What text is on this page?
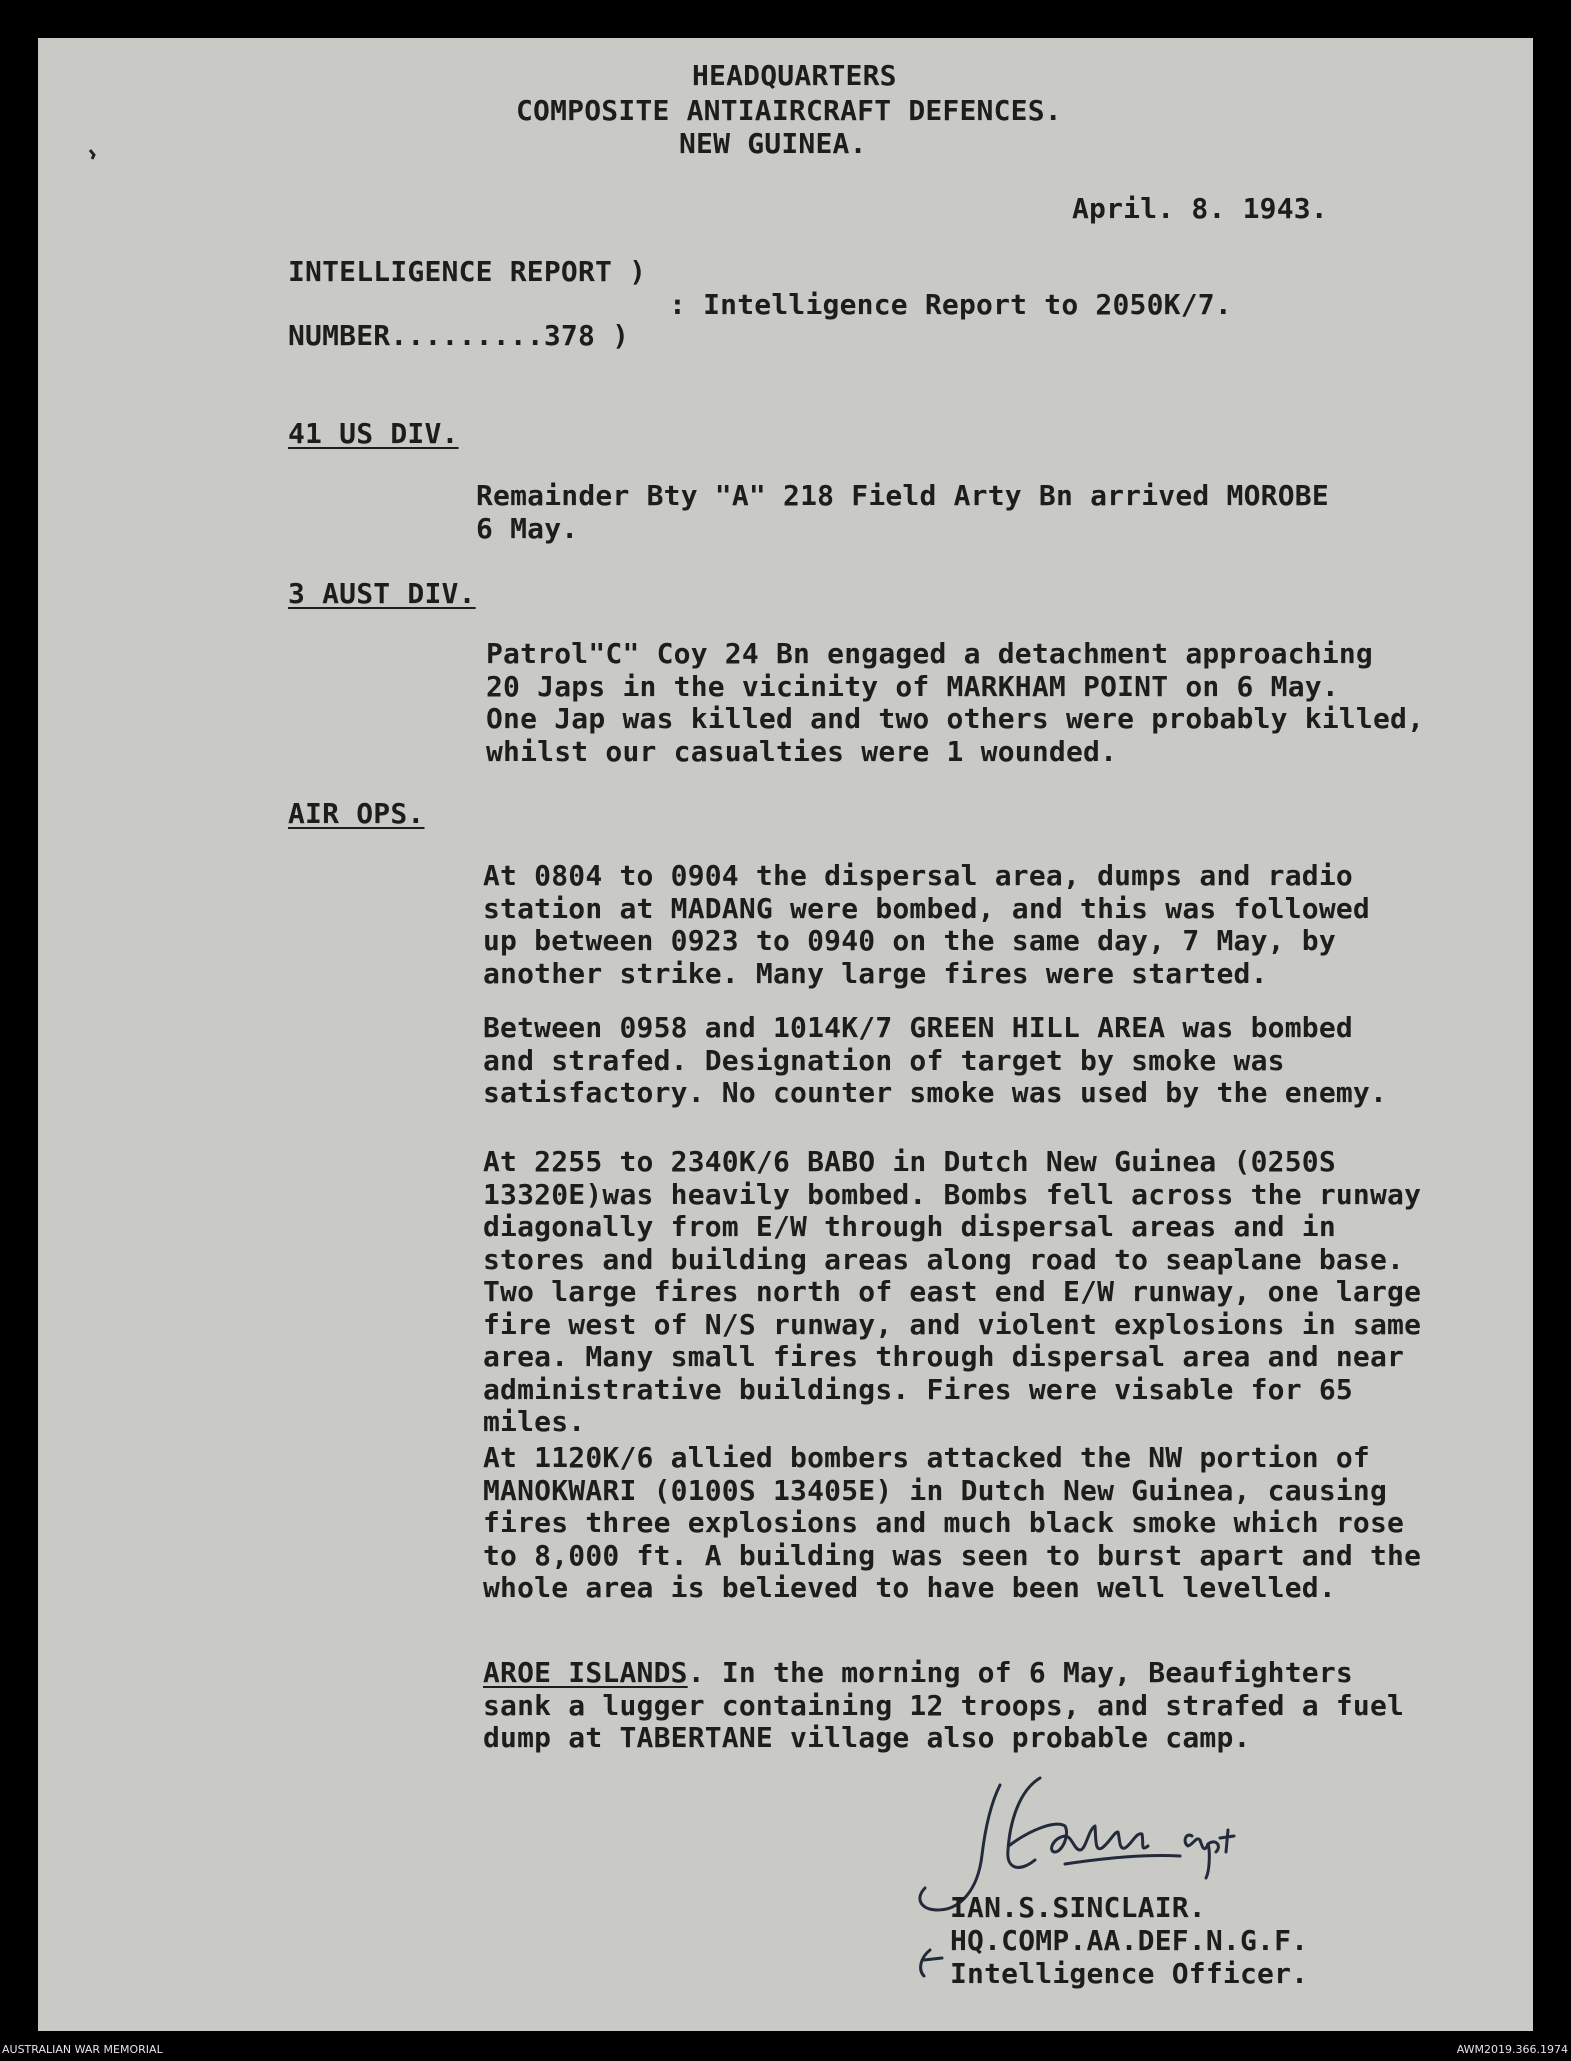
HEADQUARTERS
COMPOSITE ANTIAIRCRAFT DEFENCES.
NEW GUINEA.
April. 8. 1943.
INTELLIGENCE REPORT )
: Intelligence Report to 2050K/7.
NUMBER.........378 )
41 US DIV.
Remainder Bty "A" 218 Field Arty Bn arrived MOROBE
6 May.
3 AUST DIV.
Patrol"C" Coy 24 Bn engaged a detachment approaching
20 Japs in the vicinity of MARKHAM POINT on 6 May.
One Jap was killed and two others were probably killed,
whilst our casualties were 1 wounded.
AIR OPS.
At 0804 to 0904 the dispersal area, dumps and radio
station at MADANG were bombed, and this was followed
up between 0923 to 0940 on the same day, 7 May, by
another strike. Many large fires were started.
Between 0958 and 1014K/7 GREEN HILL AREA was bombed
and strafed. Designation of target by smoke was
satisfactory. No counter smoke was used by the enemy.
At 2255 to 2340K/6 BABO in Dutch New Guinea (0250S
13320E)was heavily bombed. Bombs fell across the runway
diagonally from E/W through dispersal areas and in
stores and building areas along road to seaplane base.
Two large fires north of east end E/W runway, one large
fire west of N/S runway, and violent explosions in same
area. Many small fires through dispersal area and near
administrative buildings. Fires were visable for 65
miles.
At 1120K/6 allied bombers attacked the NW portion of
MANOKWARI (0100S 13405E) in Dutch New Guinea, causing
fires three explosions and much black smoke which rose
to 8,000 ft. A building was seen to burst apart and the
whole area is believed to have been well levelled.
AROE ISLANDS. In the morning of 6 May, Beaufighters
sank a lugger containing 12 troops, and strafed a fuel
dump at TABERTANE village also probable camp.
IAN.S.SINCLAIR.
HQ.COMP.AA.DEF.N.G.F.
Intelligence Officer.
AUSTRALIAN WAR MEMORIAL	AWM2019.366.1974
